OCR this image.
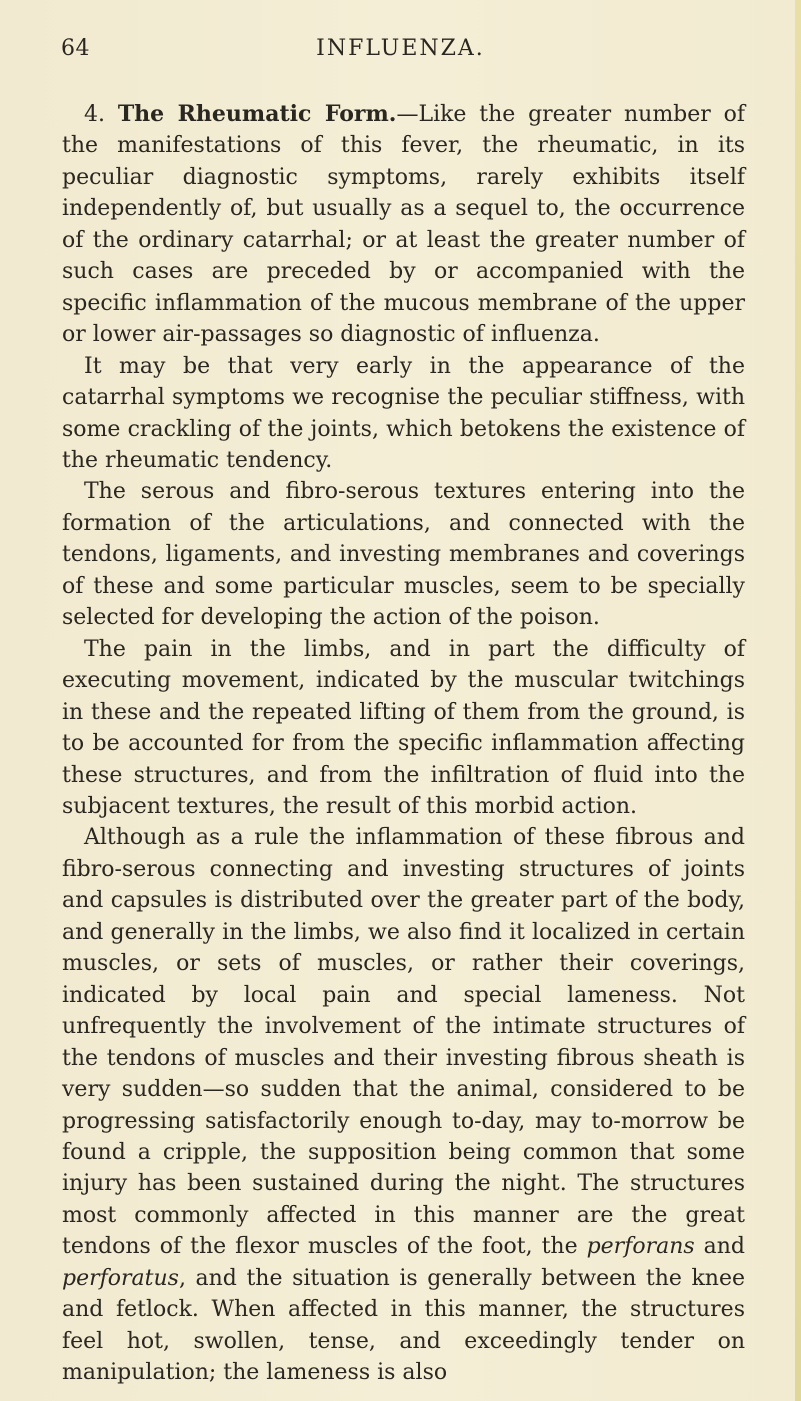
64	INFLUENZA.

4. The Rheumatic Form.—Like the greater number of the manifestations of this fever, the rheumatic, in its peculiar diagnostic symptoms, rarely exhibits itself independently of, but usually as a sequel to, the occurrence of the ordinary catarrhal; or at least the greater number of such cases are preceded by or accompanied with the specific inflammation of the mucous membrane of the upper or lower air-passages so diagnostic of influenza.

It may be that very early in the appearance of the catarrhal symptoms we recognise the peculiar stiffness, with some crackling of the joints, which betokens the existence of the rheumatic tendency.

The serous and fibro-serous textures entering into the formation of the articulations, and connected with the tendons, ligaments, and investing membranes and coverings of these and some particular muscles, seem to be specially selected for developing the action of the poison.

The pain in the limbs, and in part the difficulty of executing movement, indicated by the muscular twitchings in these and the repeated lifting of them from the ground, is to be accounted for from the specific inflammation affecting these structures, and from the infiltration of fluid into the subjacent textures, the result of this morbid action.

Although as a rule the inflammation of these fibrous and fibro-serous connecting and investing structures of joints and capsules is distributed over the greater part of the body, and generally in the limbs, we also find it localized in certain muscles, or sets of muscles, or rather their coverings, indicated by local pain and special lameness. Not unfrequently the involvement of the intimate structures of the tendons of muscles and their investing fibrous sheath is very sudden—so sudden that the animal, considered to be progressing satisfactorily enough to-day, may to-morrow be found a cripple, the supposition being common that some injury has been sustained during the night. The structures most commonly affected in this manner are the great tendons of the flexor muscles of the foot, the perforans and perforatus, and the situation is generally between the knee and fetlock. When affected in this manner, the structures feel hot, swollen, tense, and exceedingly tender on manipulation; the lameness is also
